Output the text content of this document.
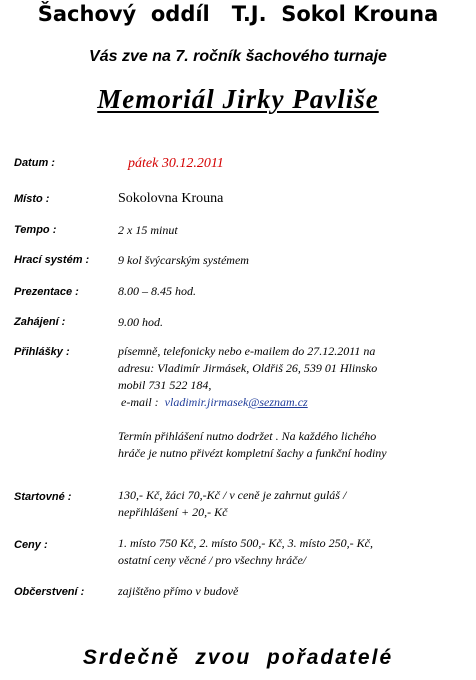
Šachový  oddíl   T.J.  Sokol Krouna
Vás zve na 7. ročník šachového turnaje
Memoriál Jirky Pavliše
Datum :	pátek 30.12.2011
Místo :	Sokolovna Krouna
Tempo :	2 x 15 minut
Hrací systém :	9 kol švýcarským systémem
Prezentace :	8.00 – 8.45 hod.
Zahájení :	9.00 hod.
Přihlášky :	písemně, telefonicky nebo e-mailem do 27.12.2011 na
adresu: Vladimír Jirmásek, Oldřiš 26, 539 01 Hlinsko
mobil 731 522 184,
e-mail : vladimir.jirmasek@seznam.cz
Termín přihlášení nutno dodržet . Na každého lichého
hráče je nutno přivézt kompletní šachy a funkční hodiny
Startovné :	130,- Kč, žáci 70,-Kč / v ceně je zahrnut guláš /
nepřihlášení + 20,- Kč
Ceny :	1. místo 750 Kč, 2. místo 500,- Kč, 3. místo 250,- Kč,
ostatní ceny věcné / pro všechny hráče/
Občerstvení :	zajištěno přímo v budově
Srdečně  zvou  pořadatelé
